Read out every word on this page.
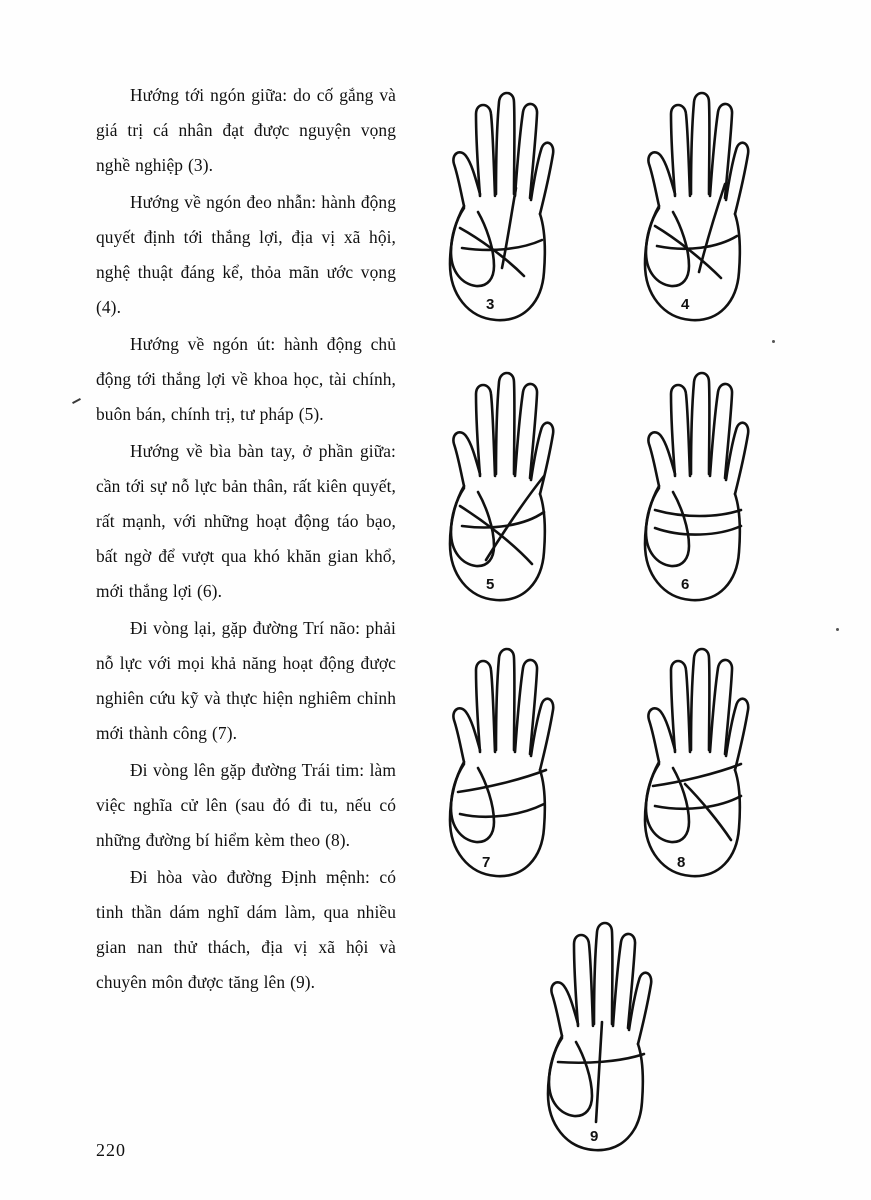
Hướng tới ngón giữa: do cố gắng và giá trị cá nhân đạt được nguyện vọng nghề nghiệp (3).

Hướng về ngón đeo nhẫn: hành động quyết định tới thắng lợi, địa vị xã hội, nghệ thuật đáng kể, thỏa mãn ước vọng (4).

Hướng về ngón út: hành động chủ động tới thắng lợi về khoa học, tài chính, buôn bán, chính trị, tư pháp (5).

Hướng về bìa bàn tay, ở phần giữa: cần tới sự nỗ lực bản thân, rất kiên quyết, rất mạnh, với những hoạt động táo bạo, bất ngờ để vượt qua khó khăn gian khổ, mới thắng lợi (6).

Đi vòng lại, gặp đường Trí não: phải nỗ lực với mọi khả năng hoạt động được nghiên cứu kỹ và thực hiện nghiêm chỉnh mới thành công (7).

Đi vòng lên gặp đường Trái tim: làm việc nghĩa cử lên (sau đó đi tu, nếu có những đường bí hiểm kèm theo (8).

Đi hòa vào đường Định mệnh: có tinh thần dám nghĩ dám làm, qua nhiều gian nan thử thách, địa vị xã hội và chuyên môn được tăng lên (9).

3	4
5	6
7	8
9
220
